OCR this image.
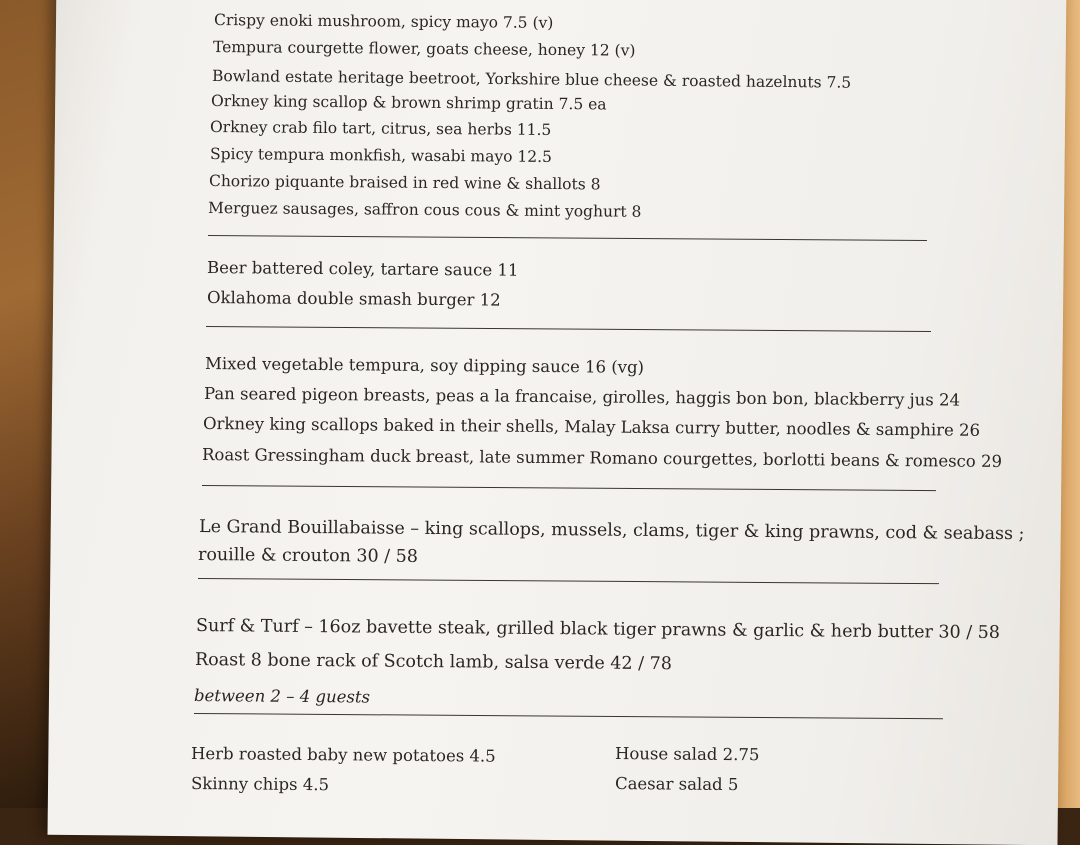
Crispy enoki mushroom, spicy mayo 7.5 (v)
Tempura courgette flower, goats cheese, honey 12 (v)
Bowland estate heritage beetroot, Yorkshire blue cheese & roasted hazelnuts 7.5
Orkney king scallop & brown shrimp gratin 7.5 ea
Orkney crab filo tart, citrus, sea herbs 11.5
Spicy tempura monkfish, wasabi mayo 12.5
Chorizo piquante braised in red wine & shallots 8
Merguez sausages, saffron cous cous & mint yoghurt 8
Beer battered coley, tartare sauce 11
Oklahoma double smash burger 12
Mixed vegetable tempura, soy dipping sauce 16 (vg)
Pan seared pigeon breasts, peas a la francaise, girolles, haggis bon bon, blackberry jus 24
Orkney king scallops baked in their shells, Malay Laksa curry butter, noodles & samphire 26
Roast Gressingham duck breast, late summer Romano courgettes, borlotti beans & romesco 29
Le Grand Bouillabaisse – king scallops, mussels, clams, tiger & king prawns, cod & seabass ;
rouille & crouton 30 / 58
Surf & Turf – 16oz bavette steak, grilled black tiger prawns & garlic & herb butter 30 / 58
Roast 8 bone rack of Scotch lamb, salsa verde 42 / 78
between 2 – 4 guests
Herb roasted baby new potatoes 4.5
Skinny chips 4.5
House salad 2.75
Caesar salad 5
